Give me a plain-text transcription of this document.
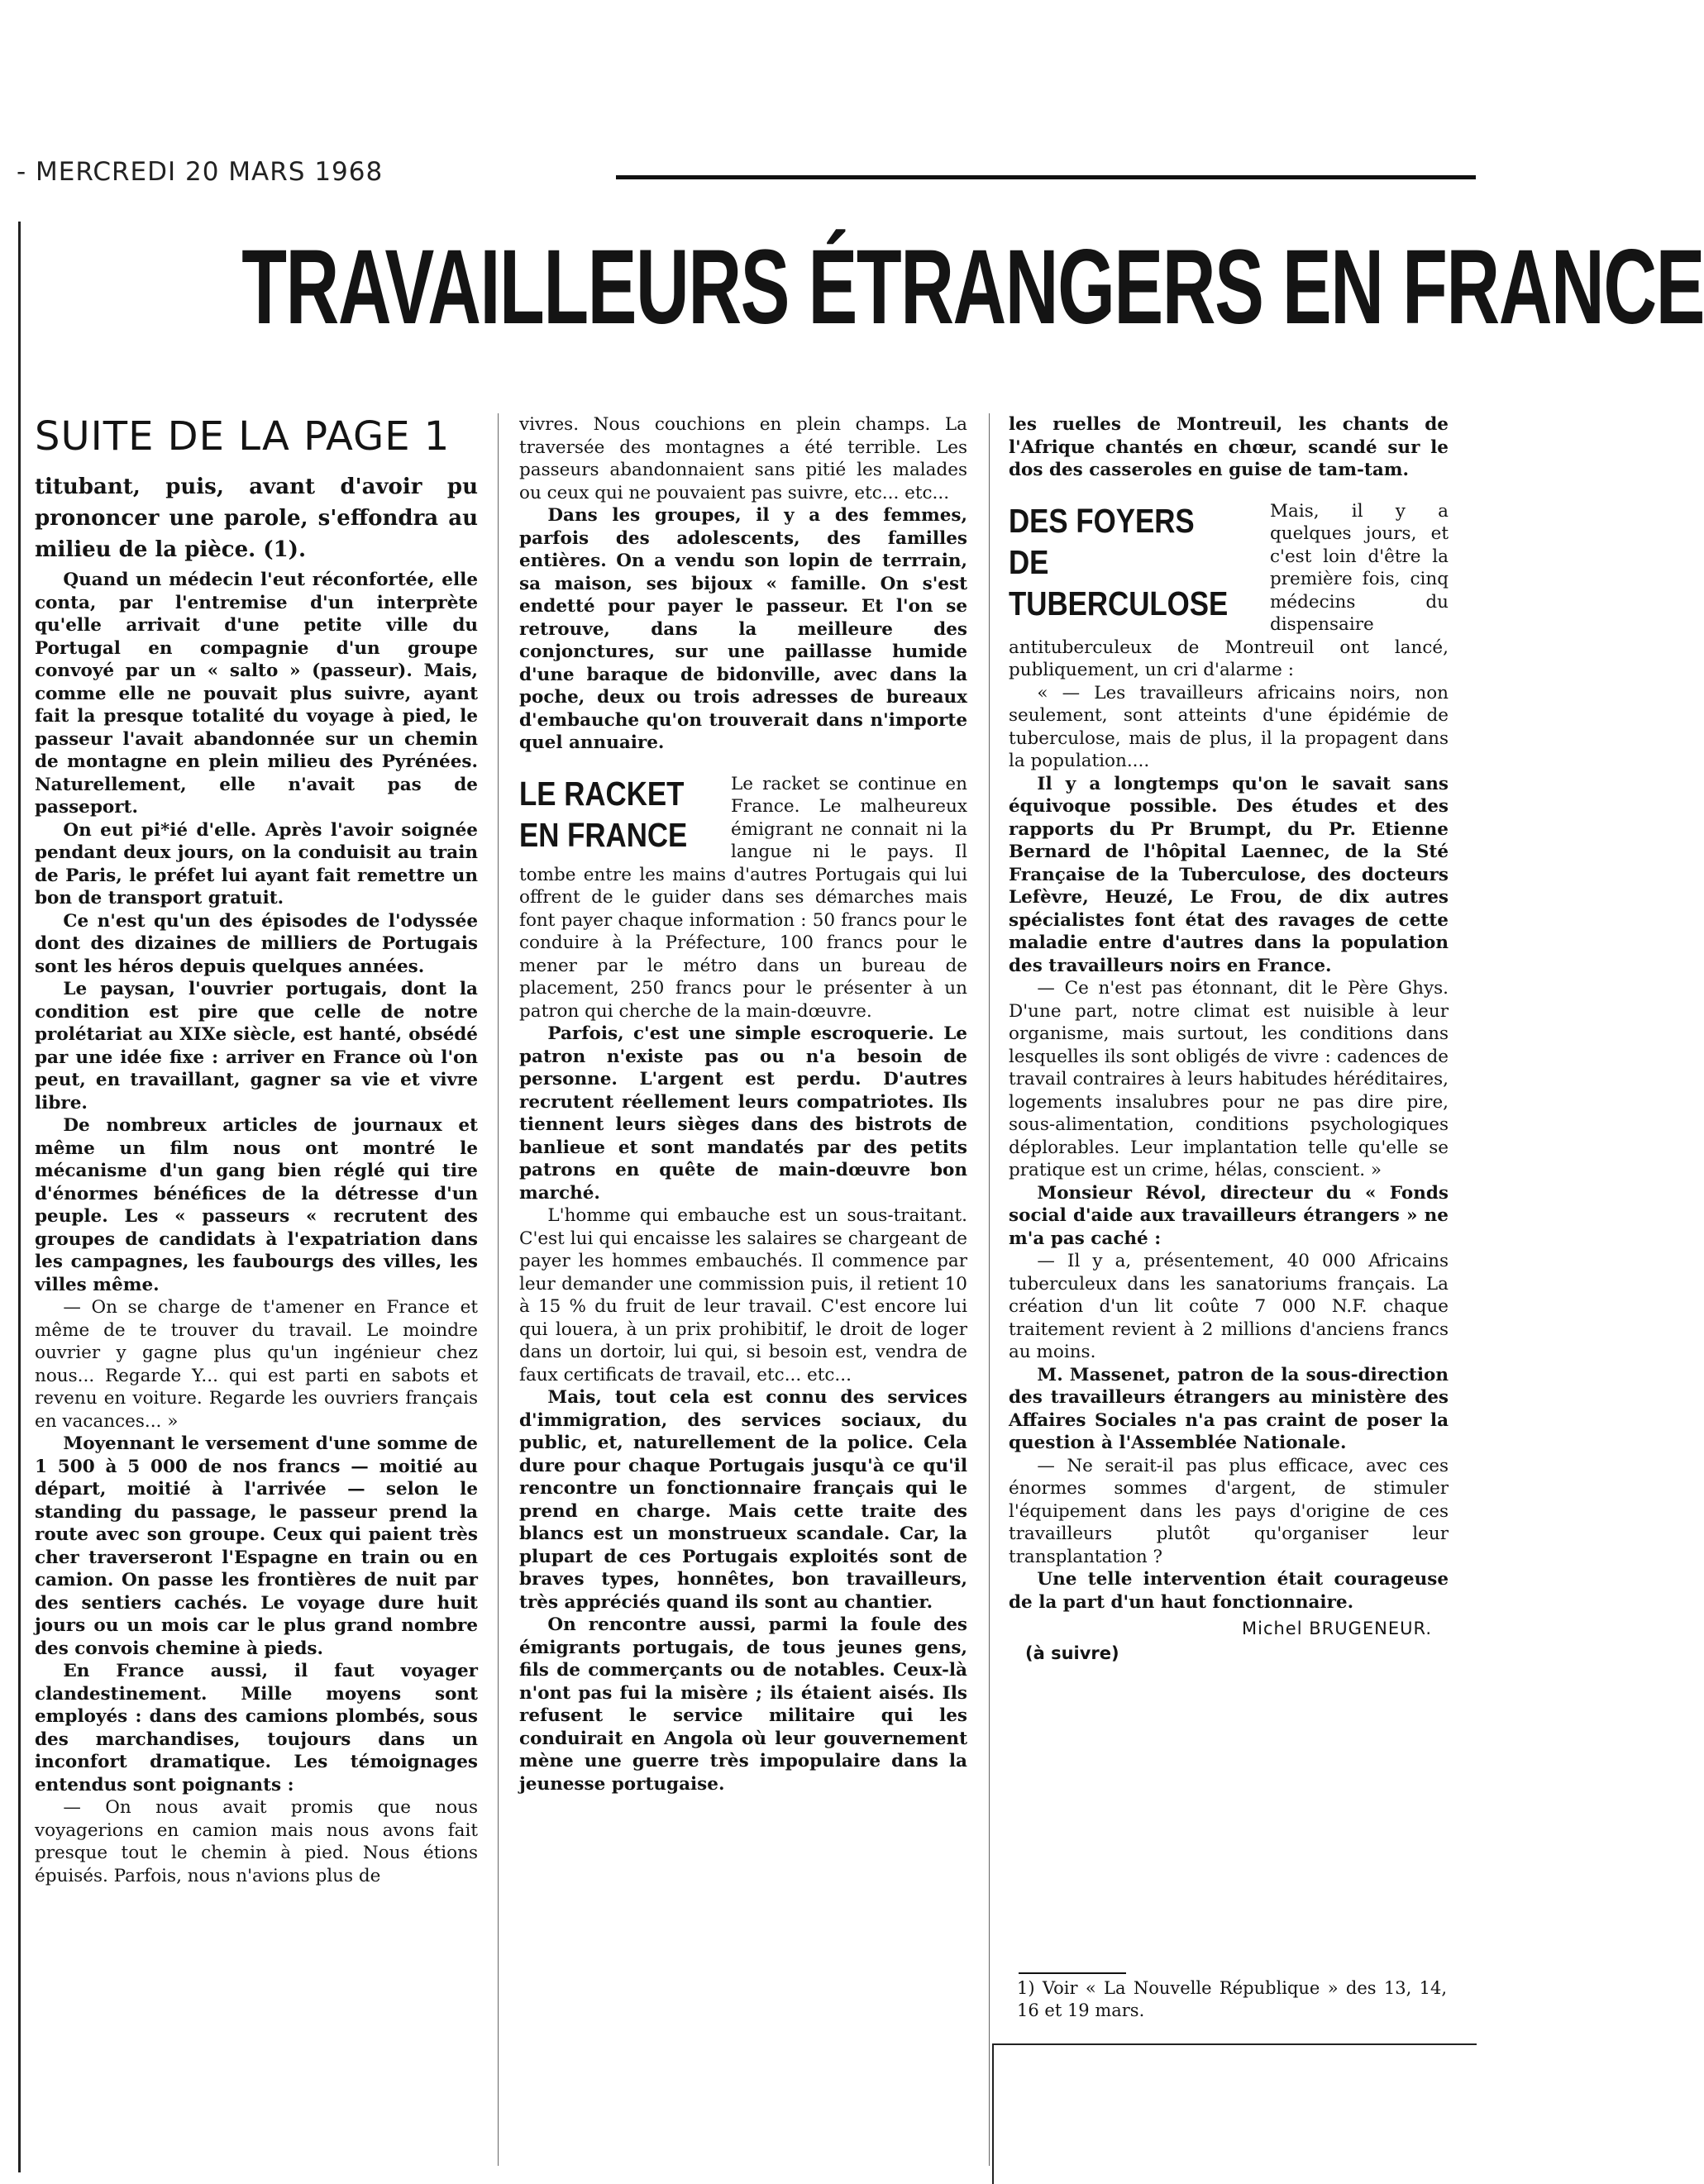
- MERCREDI 20 MARS 1968
TRAVAILLEURS ÉTRANGERS EN FRANCE
SUITE DE LA PAGE 1
titubant, puis, avant d'avoir pu prononcer une parole, s'effondra au milieu de la pièce. (1).

Quand un médecin l'eut réconfortée, elle conta, par l'entremise d'un interprète qu'elle arrivait d'une petite ville du Portugal en compagnie d'un groupe convoyé par un « salto » (passeur). Mais, comme elle ne pouvait plus suivre, ayant fait la presque totalité du voyage à pied, le passeur l'avait abandonnée sur un chemin de montagne en plein milieu des Pyrénées. Naturellement, elle n'avait pas de passeport.

On eut pi*ié d'elle. Après l'avoir soignée pendant deux jours, on la conduisit au train de Paris, le préfet lui ayant fait remettre un bon de transport gratuit.

Ce n'est qu'un des épisodes de l'odyssée dont des dizaines de milliers de Portugais sont les héros depuis quelques années.

Le paysan, l'ouvrier portugais, dont la condition est pire que celle de notre prolétariat au XIXe siècle, est hanté, obsédé par une idée fixe : arriver en France où l'on peut, en travaillant, gagner sa vie et vivre libre.

De nombreux articles de journaux et même un film nous ont montré le mécanisme d'un gang bien réglé qui tire d'énormes bénéfices de la détresse d'un peuple. Les « passeurs « recrutent des groupes de candidats à l'expatriation dans les campagnes, les faubourgs des villes, les villes même.

— On se charge de t'amener en France et même de te trouver du travail. Le moindre ouvrier y gagne plus qu'un ingénieur chez nous... Regarde Y... qui est parti en sabots et revenu en voiture. Regarde les ouvriers français en vacances... »

Moyennant le versement d'une somme de 1 500 à 5 000 de nos francs — moitié au départ, moitié à l'arrivée — selon le standing du passage, le passeur prend la route avec son groupe. Ceux qui paient très cher traverseront l'Espagne en train ou en camion. On passe les frontières de nuit par des sentiers cachés. Le voyage dure huit jours ou un mois car le plus grand nombre des convois chemine à pieds.

En France aussi, il faut voyager clandestinement. Mille moyens sont employés : dans des camions plombés, sous des marchandises, toujours dans un inconfort dramatique. Les témoignages entendus sont poignants :

— On nous avait promis que nous voyagerions en camion mais nous avons fait presque tout le chemin à pied. Nous étions épuisés. Parfois, nous n'avions plus de

vivres. Nous couchions en plein champs. La traversée des montagnes a été terrible. Les passeurs abandonnaient sans pitié les malades ou ceux qui ne pouvaient pas suivre, etc... etc...

Dans les groupes, il y a des femmes, parfois des adolescents, des familles entières. On a vendu son lopin de terrrain, sa maison, ses bijoux « famille. On s'est endetté pour payer le passeur. Et l'on se retrouve, dans la meilleure des conjonctures, sur une paillasse humide d'une baraque de bidonville, avec dans la poche, deux ou trois adresses de bureaux d'embauche qu'on trouverait dans n'importe quel annuaire.

LE RACKET EN FRANCE

Le racket se continue en France. Le malheureux émigrant ne connait ni la langue ni le pays. Il tombe entre les mains d'autres Portugais qui lui offrent de le guider dans ses démarches mais font payer chaque information : 50 francs pour le conduire à la Préfecture, 100 francs pour le mener par le métro dans un bureau de placement, 250 francs pour le présenter à un patron qui cherche de la main-dœuvre.

Parfois, c'est une simple escroquerie. Le patron n'existe pas ou n'a besoin de personne. L'argent est perdu. D'autres recrutent réellement leurs compatriotes. Ils tiennent leurs sièges dans des bistrots de banlieue et sont mandatés par des petits patrons en quête de main-dœuvre bon marché.

L'homme qui embauche est un sous-traitant. C'est lui qui encaisse les salaires se chargeant de payer les hommes embauchés. Il commence par leur demander une commission puis, il retient 10 à 15 % du fruit de leur travail. C'est encore lui qui louera, à un prix prohibitif, le droit de loger dans un dortoir, lui qui, si besoin est, vendra de faux certificats de travail, etc... etc...

Mais, tout cela est connu des services d'immigration, des services sociaux, du public, et, naturellement de la police. Cela dure pour chaque Portugais jusqu'à ce qu'il rencontre un fonctionnaire français qui le prend en charge. Mais cette traite des blancs est un monstrueux scandale. Car, la plupart de ces Portugais exploités sont de braves types, honnêtes, bon travailleurs, très appréciés quand ils sont au chantier.

On rencontre aussi, parmi la foule des émigrants portugais, de tous jeunes gens, fils de commerçants ou de notables. Ceux-là n'ont pas fui la misère ; ils étaient aisés. Ils refusent le service militaire qui les conduirait en Angola où leur gouvernement mène une guerre très impopulaire dans la jeunesse portugaise.

les ruelles de Montreuil, les chants de l'Afrique chantés en chœur, scandé sur le dos des casseroles en guise de tam-tam.

DES FOYERS DE TUBERCULOSE

Mais, il y a quelques jours, et c'est loin d'être la première fois, cinq médecins du dispensaire antituberculeux de Montreuil ont lancé, publiquement, un cri d'alarme :

« — Les travailleurs africains noirs, non seulement, sont atteints d'une épidémie de tuberculose, mais de plus, il la propagent dans la population....

Il y a longtemps qu'on le savait sans équivoque possible. Des études et des rapports du Pr Brumpt, du Pr. Etienne Bernard de l'hôpital Laennec, de la Sté Française de la Tuberculose, des docteurs Lefèvre, Heuzé, Le Frou, de dix autres spécialistes font état des ravages de cette maladie entre d'autres dans la population des travailleurs noirs en France.

— Ce n'est pas étonnant, dit le Père Ghys. D'une part, notre climat est nuisible à leur organisme, mais surtout, les conditions dans lesquelles ils sont obligés de vivre : cadences de travail contraires à leurs habitudes héréditaires, logements insalubres pour ne pas dire pire, sous-alimentation, conditions psychologiques déplorables. Leur implantation telle qu'elle se pratique est un crime, hélas, conscient. »

Monsieur Révol, directeur du « Fonds social d'aide aux travailleurs étrangers » ne m'a pas caché :

— Il y a, présentement, 40 000 Africains tuberculeux dans les sanatoriums français. La création d'un lit coûte 7 000 N.F. chaque traitement revient à 2 millions d'anciens francs au moins.

M. Massenet, patron de la sous-direction des travailleurs étrangers au ministère des Affaires Sociales n'a pas craint de poser la question à l'Assemblée Nationale.

— Ne serait-il pas plus efficace, avec ces énormes sommes d'argent, de stimuler l'équipement dans les pays d'origine de ces travailleurs plutôt qu'organiser leur transplantation ?

Une telle intervention était courageuse de la part d'un haut fonctionnaire.

Michel BRUGENEUR.
(à suivre)
1) Voir « La Nouvelle République » des 13, 14, 16 et 19 mars.
